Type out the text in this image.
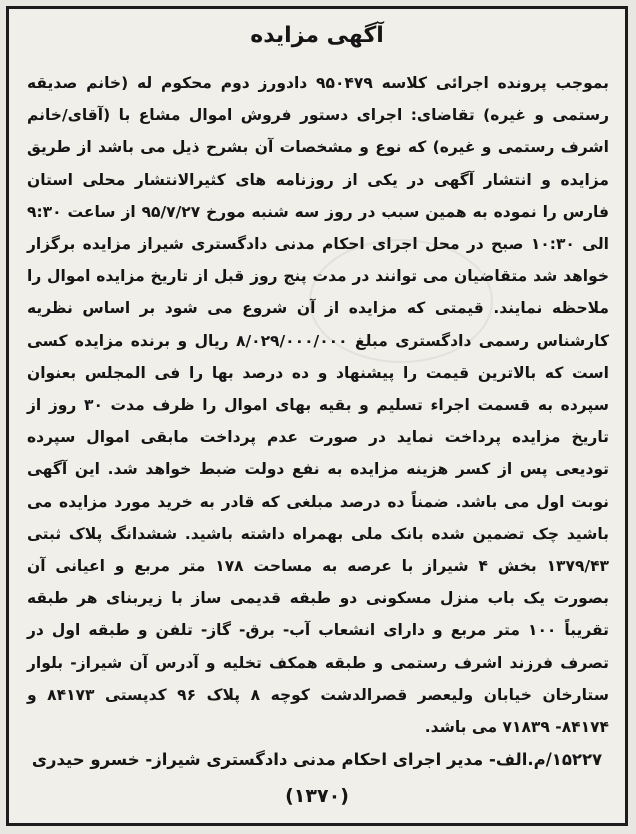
آگهی مزایده
بموجب پرونده اجرائی کلاسه ۹۵۰۴۷۹ دادورز دوم محکوم له (خانم صدیقه رستمی و غیره) تقاضای: اجرای دستور فروش اموال مشاع با (آقای/خانم اشرف رستمی و غیره) که نوع و مشخصات آن بشرح ذیل می باشد از طریق مزایده و انتشار آگهی در یکی از روزنامه های کثیرالانتشار محلی استان فارس را نموده به همین سبب در روز سه شنبه مورخ ۹۵/۷/۲۷ از ساعت ۹:۳۰ الی ۱۰:۳۰ صبح در محل اجرای احکام مدنی دادگستری شیراز مزایده برگزار خواهد شد متقاضیان می توانند در مدت پنج روز قبل از تاریخ مزایده اموال را ملاحظه نمایند. قیمتی که مزایده از آن شروع می شود بر اساس نظریه کارشناس رسمی دادگستری مبلغ ۸/۰۲۹/۰۰۰/۰۰۰ ریال و برنده مزایده کسی است که بالاترین قیمت را پیشنهاد و ده درصد بها را فی المجلس بعنوان سپرده به قسمت اجراء تسلیم و بقیه بهای اموال را ظرف مدت ۳۰ روز از تاریخ مزایده پرداخت نماید در صورت عدم پرداخت مابقی اموال سپرده تودیعی پس از کسر هزینه مزایده به نفع دولت ضبط خواهد شد. این آگهی نوبت اول می باشد. ضمناً ده درصد مبلغی که قادر به خرید مورد مزایده می باشید چک تضمین شده بانک ملی بهمراه داشته باشید. ششدانگ پلاک ثبتی ۱۳۷۹/۴۳ بخش ۴ شیراز با عرصه به مساحت ۱۷۸ متر مربع و اعیانی آن بصورت یک باب منزل مسکونی دو طبقه قدیمی ساز با زیربنای هر طبقه تقریباً ۱۰۰ متر مربع و دارای انشعاب آب- برق- گاز- تلفن و طبقه اول در تصرف فرزند اشرف رستمی و طبقه همکف تخلیه و آدرس آن شیراز- بلوار ستارخان خیابان ولیعصر قصرالدشت کوچه ۸ پلاک ۹۶ کدپستی ۸۴۱۷۳ و ۸۴۱۷۴- ۷۱۸۳۹ می باشد.
۱۵۲۲۷/م.الف- مدیر اجرای احکام مدنی دادگستری شیراز- خسرو حیدری
(۱۳۷۰)
